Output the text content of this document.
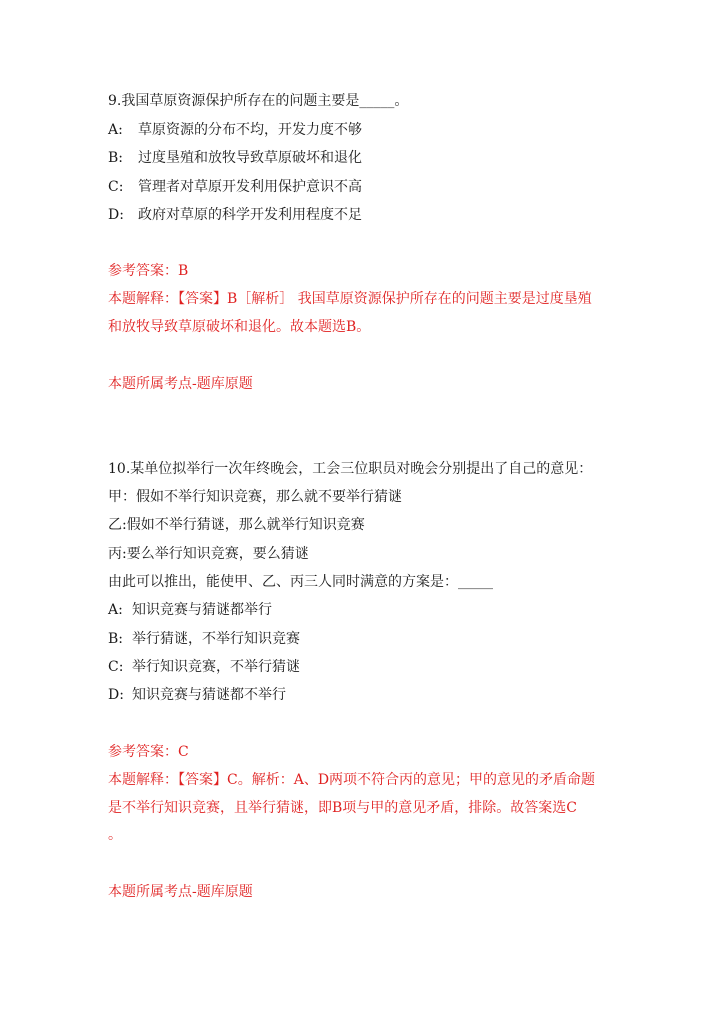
9.我国草原资源保护所存在的问题主要是_____。
A: 草原资源的分布不均，开发力度不够
B: 过度垦殖和放牧导致草原破坏和退化
C: 管理者对草原开发利用保护意识不高
D: 政府对草原的科学开发利用程度不足
参考答案：B
本题解释：【答案】B［解析］ 我国草原资源保护所存在的问题主要是过度垦殖
和放牧导致草原破坏和退化。故本题选B。
本题所属考点-题库原题
10.某单位拟举行一次年终晚会，工会三位职员对晚会分别提出了自己的意见：
甲：假如不举行知识竞赛，那么就不要举行猜谜
乙:假如不举行猜谜，那么就举行知识竞赛
丙:要么举行知识竞赛，要么猜谜
由此可以推出，能使甲、乙、丙三人同时满意的方案是：_____
A: 知识竞赛与猜谜都举行
B: 举行猜谜，不举行知识竞赛
C: 举行知识竞赛，不举行猜谜
D: 知识竞赛与猜谜都不举行
参考答案：C
本题解释：【答案】C。解析：A、D两项不符合丙的意见；甲的意见的矛盾命题
是不举行知识竞赛，且举行猜谜，即B项与甲的意见矛盾，排除。故答案选C
。
本题所属考点-题库原题
